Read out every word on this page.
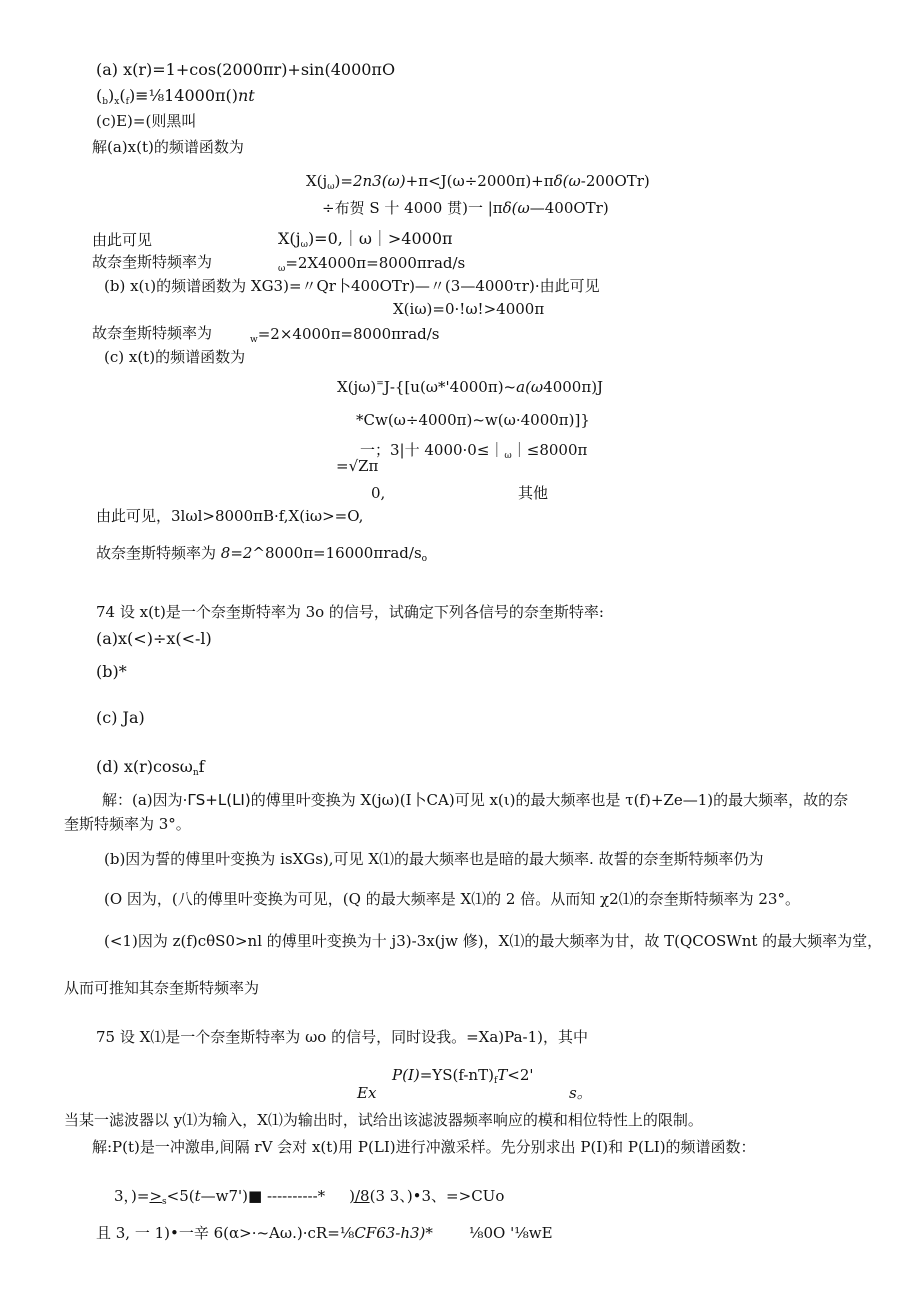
(a) x(r)=1+cos(2000πr)+sin(4000πO
(b)x(f)≡⅛14000π()nt
(c)E)=(则黑叫
解(a)x(t)的频谱函数为
$X(j_\omega)=2n3(\omega)+\pi<J(\omega\div 2000\pi)+\pi\delta(\omega-200OTr)$
÷布贺 S 十 4000 贯)一 |πδ(ω—400OTr)
由此可见	X(jω)=0,｜ω｜>4000π
故奈奎斯特频率为	$_\omega$=2X4000π=8000πrad/s
(b) x(ι)的频谱函数为 XG3)=〃Qr卜400OTr)—〃(3—4000τr)·由此可见
X(iω)=0·!ω!>4000π
故奈奎斯特频率为	$_w$=2×4000π=8000πrad/s
(c) x(t)的频谱函数为
X(jω)=J-{[u(ω*'4000π)~a(ω4000π)J
*Cw(ω÷4000π)~w(ω·4000π)]}
一；3|十 $4000\cdot 0\le|_\omega|\le 8000\pi$
=√Zπ
0,	其他
由此可见，3lωl>8000πB·f,X(iω>=O,
故奈奎斯特频率为 $8=2\^{}8000\pi=16000\pi rad/s_o$
74 设 x(t)是一个奈奎斯特率为 3o 的信号，试确定下列各信号的奈奎斯特率:
(a)x(<)÷x(<-l)
(b)*
(c) Ja)
(d) x(r)cosωnf
解：(a)因为·ΓS+L(LI)的傅里叶变换为 X(jω)(I卜CA)可见 x(ι)的最大频率也是 τ(f)+Ze—1)的最大频率，故的奈
奎斯特频率为 3°。
(b)因为誓的傅里叶变换为 isXGs),可见 X⑴的最大频率也是暗的最大频率. 故誓的奈奎斯特频率仍为
(O 因为，(八的傅里叶变换为可见，(Q 的最大频率是 X⑴的 2 倍。从而知 χ2⑴的奈奎斯特频率为 23°。
(<1)因为 z(f)cθS0>nl 的傅里叶变换为十 j3)-3x(jw 修)，X⑴的最大频率为甘，故 T(QCOSWnt 的最大频率为堂，
从而可推知其奈奎斯特频率为
75 设 X⑴是一个奈奎斯特率为 ωo 的信号，同时设我。=Xa)Pa-1)，其中
$P(I)=YS(f-nT)_fT<2'$
Ex	s。
当某一滤波器以 y⑴为输入，X⑴为输出时，试给出该滤波器频率响应的模和相位特性上的限制。
解:P(t)是一冲激串,间隔 rV 会对 x(t)用 P(LI)进行冲激采样。先分别求出 P(I)和 P(LI)的频谱函数：
3，)$=>_s<5(t—w7')■$ ----------* )/8(3 3、)•3、=>CUo
且 3, 一 1)•一辛 6(α>·~Aω.)·cR=⅛CF63-h3)* ⅛0O '⅛wE
